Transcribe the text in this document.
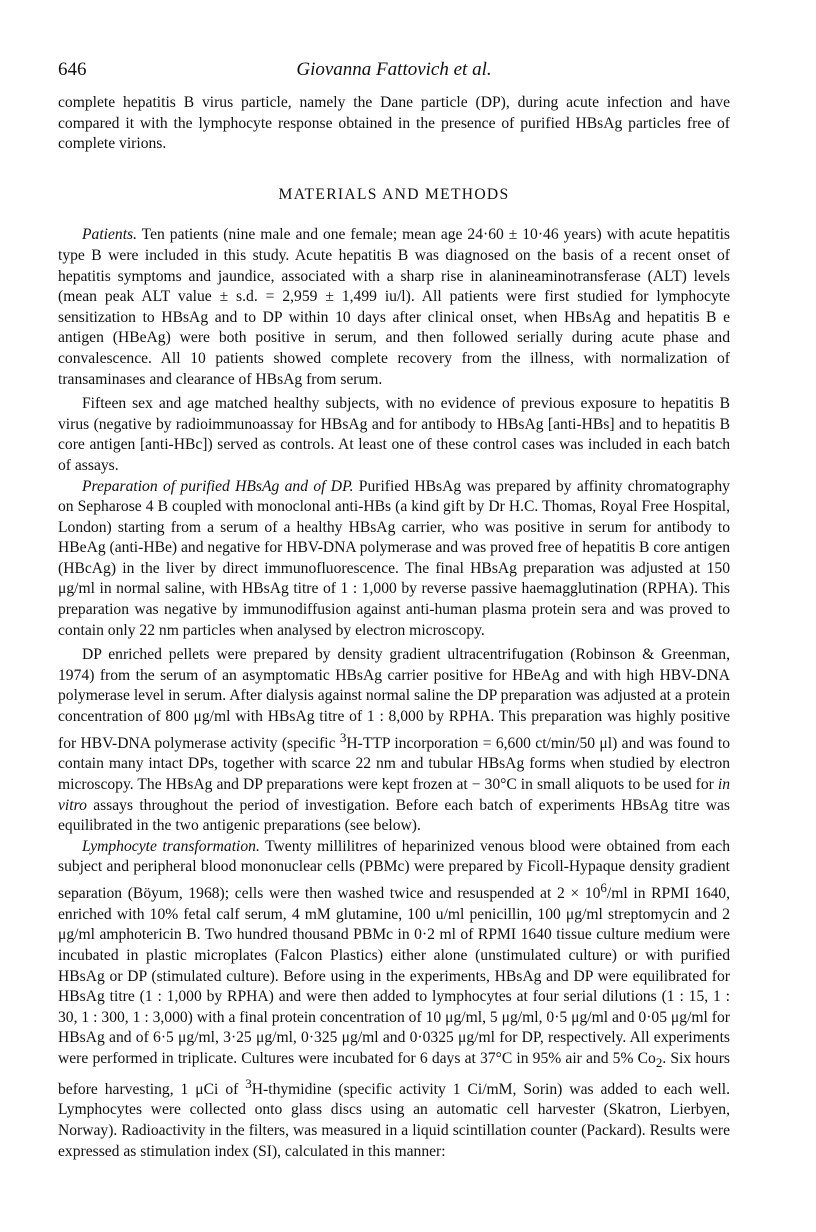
646	Giovanna Fattovich et al.

complete hepatitis B virus particle, namely the Dane particle (DP), during acute infection and have compared it with the lymphocyte response obtained in the presence of purified HBsAg particles free of complete virions.

MATERIALS AND METHODS

Patients. Ten patients (nine male and one female; mean age 24·60 ± 10·46 years) with acute hepatitis type B were included in this study. Acute hepatitis B was diagnosed on the basis of a recent onset of hepatitis symptoms and jaundice, associated with a sharp rise in alanineaminotransferase (ALT) levels (mean peak ALT value ± s.d. = 2,959 ± 1,499 iu/l). All patients were first studied for lymphocyte sensitization to HBsAg and to DP within 10 days after clinical onset, when HBsAg and hepatitis B e antigen (HBeAg) were both positive in serum, and then followed serially during acute phase and convalescence. All 10 patients showed complete recovery from the illness, with normalization of transaminases and clearance of HBsAg from serum.

Fifteen sex and age matched healthy subjects, with no evidence of previous exposure to hepatitis B virus (negative by radioimmunoassay for HBsAg and for antibody to HBsAg [anti-HBs] and to hepatitis B core antigen [anti-HBc]) served as controls. At least one of these control cases was included in each batch of assays.

Preparation of purified HBsAg and of DP. Purified HBsAg was prepared by affinity chromatography on Sepharose 4 B coupled with monoclonal anti-HBs (a kind gift by Dr H.C. Thomas, Royal Free Hospital, London) starting from a serum of a healthy HBsAg carrier, who was positive in serum for antibody to HBeAg (anti-HBe) and negative for HBV-DNA polymerase and was proved free of hepatitis B core antigen (HBcAg) in the liver by direct immunofluorescence. The final HBsAg preparation was adjusted at 150 μg/ml in normal saline, with HBsAg titre of 1 : 1,000 by reverse passive haemagglutination (RPHA). This preparation was negative by immunodiffusion against anti-human plasma protein sera and was proved to contain only 22 nm particles when analysed by electron microscopy.

DP enriched pellets were prepared by density gradient ultracentrifugation (Robinson & Greenman, 1974) from the serum of an asymptomatic HBsAg carrier positive for HBeAg and with high HBV-DNA polymerase level in serum. After dialysis against normal saline the DP preparation was adjusted at a protein concentration of 800 μg/ml with HBsAg titre of 1 : 8,000 by RPHA. This preparation was highly positive for HBV-DNA polymerase activity (specific $^3$H-TTP incorporation = 6,600 ct/min/50 μl) and was found to contain many intact DPs, together with scarce 22 nm and tubular HBsAg forms when studied by electron microscopy. The HBsAg and DP preparations were kept frozen at − 30°C in small aliquots to be used for in vitro assays throughout the period of investigation. Before each batch of experiments HBsAg titre was equilibrated in the two antigenic preparations (see below).

Lymphocyte transformation. Twenty millilitres of heparinized venous blood were obtained from each subject and peripheral blood mononuclear cells (PBMc) were prepared by Ficoll-Hypaque density gradient separation (Böyum, 1968); cells were then washed twice and resuspended at $2 \times 10^6/ml$ in RPMI 1640, enriched with 10% fetal calf serum, 4 mM glutamine, 100 u/ml penicillin, 100 μg/ml streptomycin and 2 μg/ml amphotericin B. Two hundred thousand PBMc in 0·2 ml of RPMI 1640 tissue culture medium were incubated in plastic microplates (Falcon Plastics) either alone (unstimulated culture) or with purified HBsAg or DP (stimulated culture). Before using in the experiments, HBsAg and DP were equilibrated for HBsAg titre (1 : 1,000 by RPHA) and were then added to lymphocytes at four serial dilutions (1 : 15, 1 : 30, 1 : 300, 1 : 3,000) with a final protein concentration of 10 μg/ml, 5 μg/ml, 0·5 μg/ml and 0·05 μg/ml for HBsAg and of 6·5 μg/ml, 3·25 μg/ml, 0·325 μg/ml and 0·0325 μg/ml for DP, respectively. All experiments were performed in triplicate. Cultures were incubated for 6 days at 37°C in 95% air and 5% $Co_2$. Six hours before harvesting, 1 μCi of $^3$H-thymidine (specific activity 1 Ci/mM, Sorin) was added to each well. Lymphocytes were collected onto glass discs using an automatic cell harvester (Skatron, Lierbyen, Norway). Radioactivity in the filters, was measured in a liquid scintillation counter (Packard). Results were expressed as stimulation index (SI), calculated in this manner:
